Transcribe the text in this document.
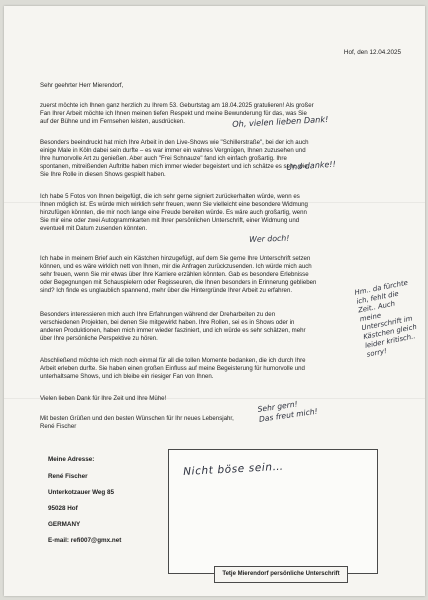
Hof, den 12.04.2025

Sehr geehrter Herr Mierendorf,

zuerst möchte ich Ihnen ganz herzlich zu Ihrem 53. Geburtstag am 18.04.2025 gratulieren! Als großer
Fan Ihrer Arbeit möchte ich Ihnen meinen tiefen Respekt und meine Bewunderung für das, was Sie
auf der Bühne und im Fernsehen leisten, ausdrücken.

Besonders beeindruckt hat mich Ihre Arbeit in den Live-Shows wie "Schillerstraße", bei der ich auch
einige Male in Köln dabei sein durfte – es war immer ein wahres Vergnügen, Ihnen zuzusehen und
Ihre humorvolle Art zu genießen. Aber auch "Frei Schnauze" fand ich einfach großartig. Ihre
spontanen, mitreißenden Auftritte haben mich immer wieder begeistert und ich schätze es sehr, wie
Sie Ihre Rolle in diesen Shows gespielt haben.

Ich habe 5 Fotos von Ihnen beigefügt, die ich sehr gerne signiert zurückerhalten würde, wenn es
Ihnen möglich ist. Es würde mich wirklich sehr freuen, wenn Sie vielleicht eine besondere Widmung
hinzufügen könnten, die mir noch lange eine Freude bereiten würde. Es wäre auch großartig, wenn
Sie mir eine oder zwei Autogrammkarten mit Ihrer persönlichen Unterschrift, einer Widmung und
eventuell mit Datum zusenden könnten.

Ich habe in meinem Brief auch ein Kästchen hinzugefügt, auf dem Sie gerne Ihre Unterschrift setzen
können, und es wäre wirklich nett von Ihnen, mir die Anfragen zurückzusenden. Ich würde mich auch
sehr freuen, wenn Sie mir etwas über Ihre Karriere erzählen könnten. Gab es besondere Erlebnisse
oder Begegnungen mit Schauspielern oder Regisseuren, die Ihnen besonders in Erinnerung geblieben
sind? Ich finde es unglaublich spannend, mehr über die Hintergründe Ihrer Arbeit zu erfahren.

Besonders interessieren mich auch Ihre Erfahrungen während der Dreharbeiten zu den
verschiedenen Projekten, bei denen Sie mitgewirkt haben. Ihre Rollen, sei es in Shows oder in
anderen Produktionen, haben mich immer wieder fasziniert, und ich würde es sehr schätzen, mehr
über Ihre persönliche Perspektive zu hören.

Abschließend möchte ich mich noch einmal für all die tollen Momente bedanken, die ich durch Ihre
Arbeit erleben durfte. Sie haben einen großen Einfluss auf meine Begeisterung für humorvolle und
unterhaltsame Shows, und ich bleibe ein riesiger Fan von Ihnen.

Vielen lieben Dank für Ihre Zeit und Ihre Mühe!

Mit besten Grüßen und den besten Wünschen für Ihr neues Lebensjahr,
René Fischer

Oh, vielen lieben Dank!
Und danke!!
Wer doch!
Hm.. da fürchte ich, fehlt die Zeit.. Auch meine Unterschrift im Kästchen gleich leider kritisch.. sorry!
Sehr gern!
Das freut mich!
Meine Adresse:
René Fischer
Unterkotzauer Weg 85
95028 Hof
GERMANY
E-mail: refi007@gmx.net
Nicht böse sein…
Tetje Mierendorf persönliche Unterschrift
